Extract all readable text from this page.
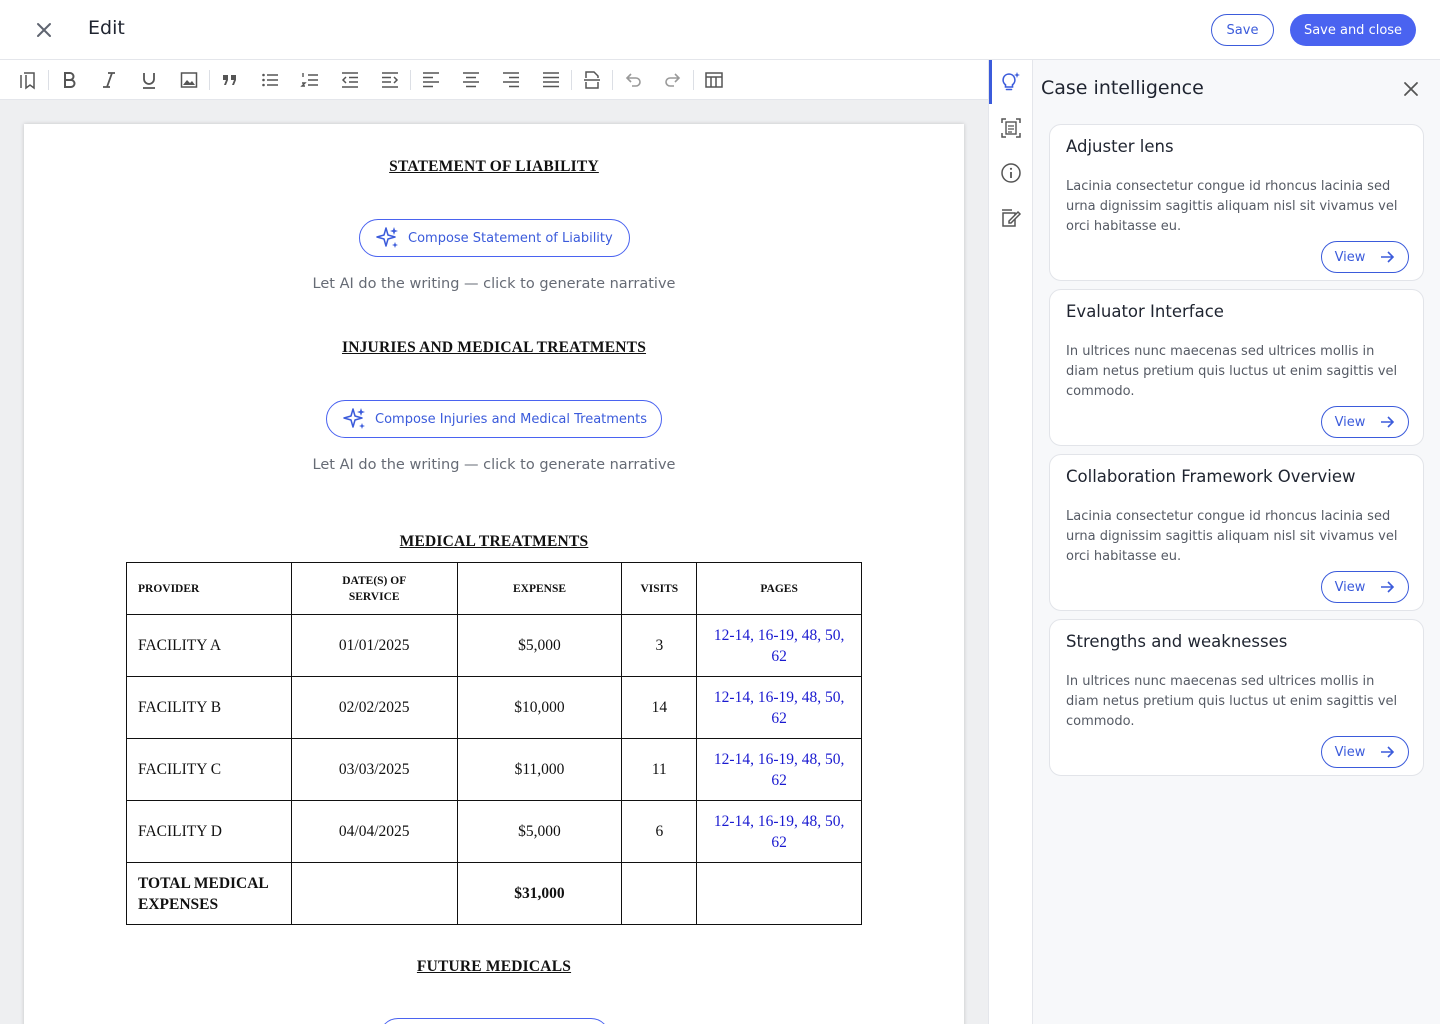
Edit	Save	Save and close
STATEMENT OF LIABILITY
Compose Statement of Liability
Let AI do the writing — click to generate narrative
INJURIES AND MEDICAL TREATMENTS
Compose Injuries and Medical Treatments
Let AI do the writing — click to generate narrative
MEDICAL TREATMENTS
PROVIDER	DATE(S) OF SERVICE	EXPENSE	VISITS	PAGES
FACILITY A	01/01/2025	$5,000	3	12-14, 16-19, 48, 50, 62
FACILITY B	02/02/2025	$10,000	14	12-14, 16-19, 48, 50, 62
FACILITY C	03/03/2025	$11,000	11	12-14, 16-19, 48, 50, 62
FACILITY D	04/04/2025	$5,000	6	12-14, 16-19, 48, 50, 62
TOTAL MEDICAL EXPENSES		$31,000		
FUTURE MEDICALS
Case intelligence
Adjuster lens
Lacinia consectetur congue id rhoncus lacinia sed urna dignissim sagittis aliquam nisl sit vivamus vel orci habitasse eu.
View
Evaluator Interface
In ultrices nunc maecenas sed ultrices mollis in diam netus pretium quis luctus ut enim sagittis vel commodo.
View
Collaboration Framework Overview
Lacinia consectetur congue id rhoncus lacinia sed urna dignissim sagittis aliquam nisl sit vivamus vel orci habitasse eu.
View
Strengths and weaknesses
In ultrices nunc maecenas sed ultrices mollis in diam netus pretium quis luctus ut enim sagittis vel commodo.
View
